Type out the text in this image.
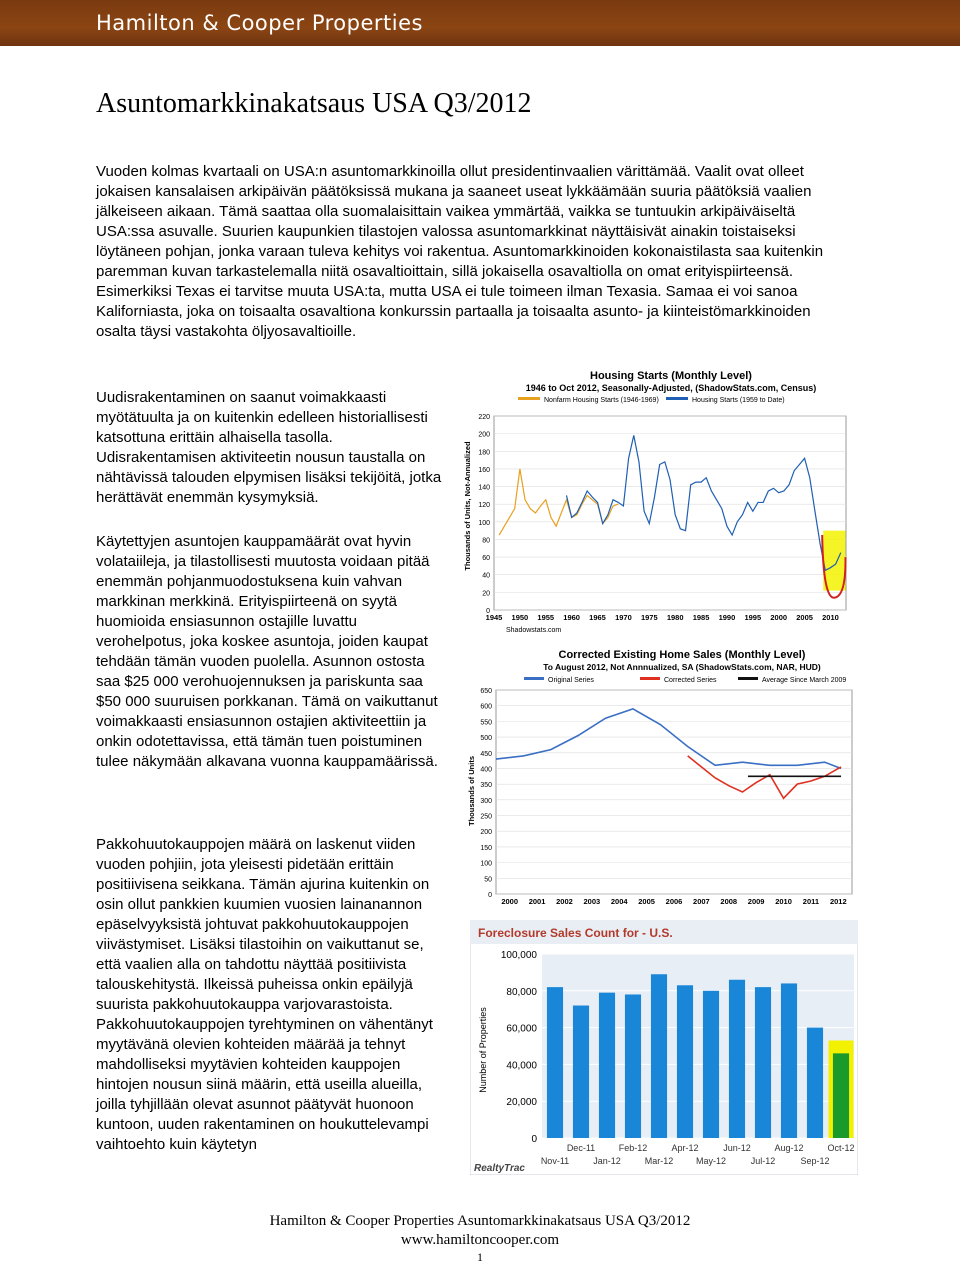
Hamilton & Cooper Properties
Asuntomarkkinakatsaus USA Q3/2012
Vuoden kolmas kvartaali on USA:n asuntomarkkinoilla ollut presidentinvaalien värittämää. Vaalit ovat olleet jokaisen kansalaisen arkipäivän päätöksissä mukana ja saaneet useat lykkäämään suuria päätöksiä vaalien jälkeiseen aikaan. Tämä saattaa olla suomalaisittain vaikea ymmärtää, vaikka se tuntuukin arkipäiväiseltä USA:ssa asuvalle. Suurien kaupunkien tilastojen valossa asuntomarkkinat näyttäisivät ainakin toistaiseksi löytäneen pohjan, jonka varaan tuleva kehitys voi rakentua. Asuntomarkkinoiden kokonaistilasta saa kuitenkin paremman kuvan tarkastelemalla niitä osavaltioittain, sillä jokaisella osavaltiolla on omat erityispiirteensä. Esimerkiksi Texas ei tarvitse muuta USA:ta, mutta USA ei tule toimeen ilman Texasia. Samaa ei voi sanoa Kaliforniasta, joka on toisaalta osavaltiona konkurssin partaalla ja toisaalta asunto- ja kiinteistömarkkinoiden osalta täysi vastakohta öljyosavaltioille.
Uudisrakentaminen on saanut voimakkaasti myötätuulta ja on kuitenkin edelleen historiallisesti katsottuna erittäin alhaisella tasolla. Udisrakentamisen aktiviteetin nousun taustalla on nähtävissä talouden elpymisen lisäksi tekijöitä, jotka herättävät enemmän kysymyksiä.
Käytettyjen asuntojen kauppamäärät ovat hyvin volataiileja, ja tilastollisesti muutosta voidaan pitää enemmän pohjanmuodostuksena kuin vahvan markkinan merkkinä. Erityispiirteenä on syytä huomioida ensiasunnon ostajille luvattu verohelpotus, joka koskee asuntoja, joiden kaupat tehdään tämän vuoden puolella. Asunnon ostosta saa $25 000 verohuojennuksen ja pariskunta saa $50 000 suuruisen porkkanan. Tämä on vaikuttanut voimakkaasti ensiasunnon ostajien aktiviteettiin ja onkin odotettavissa, että tämän tuen poistuminen tulee näkymään alkavana vuonna kauppamäärissä.
Pakkohuutokauppojen määrä on laskenut viiden vuoden pohjiin, jota yleisesti pidetään erittäin positiivisena seikkana. Tämän ajurina kuitenkin on osin ollut pankkien kuumien vuosien lainanannon epäselvyyksistä johtuvat pakkohuutokauppojen viivästymiset. Lisäksi tilastoihin on vaikuttanut se, että vaalien alla on tahdottu näyttää positiivista talouskehitystä. Ilkeissä puheissa onkin epäilyjä suurista pakkohuutokauppa varjovarastoista. Pakkohuutokauppojen tyrehtyminen on vähentänyt myytävänä olevien kohteiden määrää ja tehnyt mahdolliseksi myytävien kohteiden kauppojen hintojen nousun siinä määrin, että useilla alueilla, joilla tyhjillään olevat asunnot päätyvät huonoon kuntoon, uuden rakentaminen on houkuttelevampi vaihtoehto kuin käytetyn
Housing Starts (Monthly Level)
1946 to Oct 2012, Seasonally-Adjusted, (ShadowStats.com, Census)
Nonfarm Housing Starts (1946-1969)	Housing Starts (1959 to Date)
Thousands of Units, Not-Annualized
Shadowstats.com
0
20
40
60
80
100
120
140
160
180
200
220
1945 1950 1955 1960 1965 1970 1975 1980 1985 1990 1995 2000 2005 2010
Corrected Existing Home Sales (Monthly Level)
To August 2012, Not Annnualized, SA (ShadowStats.com, NAR, HUD)
Original Series	Corrected Series	Average Since March 2009
Thousands of Units
0
50
100
150
200
250
300
350
400
450
500
550
600
650
2000 2001 2002 2003 2004 2005 2006 2007 2008 2009 2010 2011 2012
Foreclosure Sales Count for - U.S.
Number of Properties
RealtyTrac
0
20,000
40,000
60,000
80,000
100,000
Nov-11
Dec-11
Jan-12
Feb-12
Mar-12
Apr-12
May-12
Jun-12
Jul-12
Aug-12
Sep-12
Oct-12
Hamilton & Cooper Properties Asuntomarkkinakatsaus USA Q3/2012
www.hamiltoncooper.com
1
